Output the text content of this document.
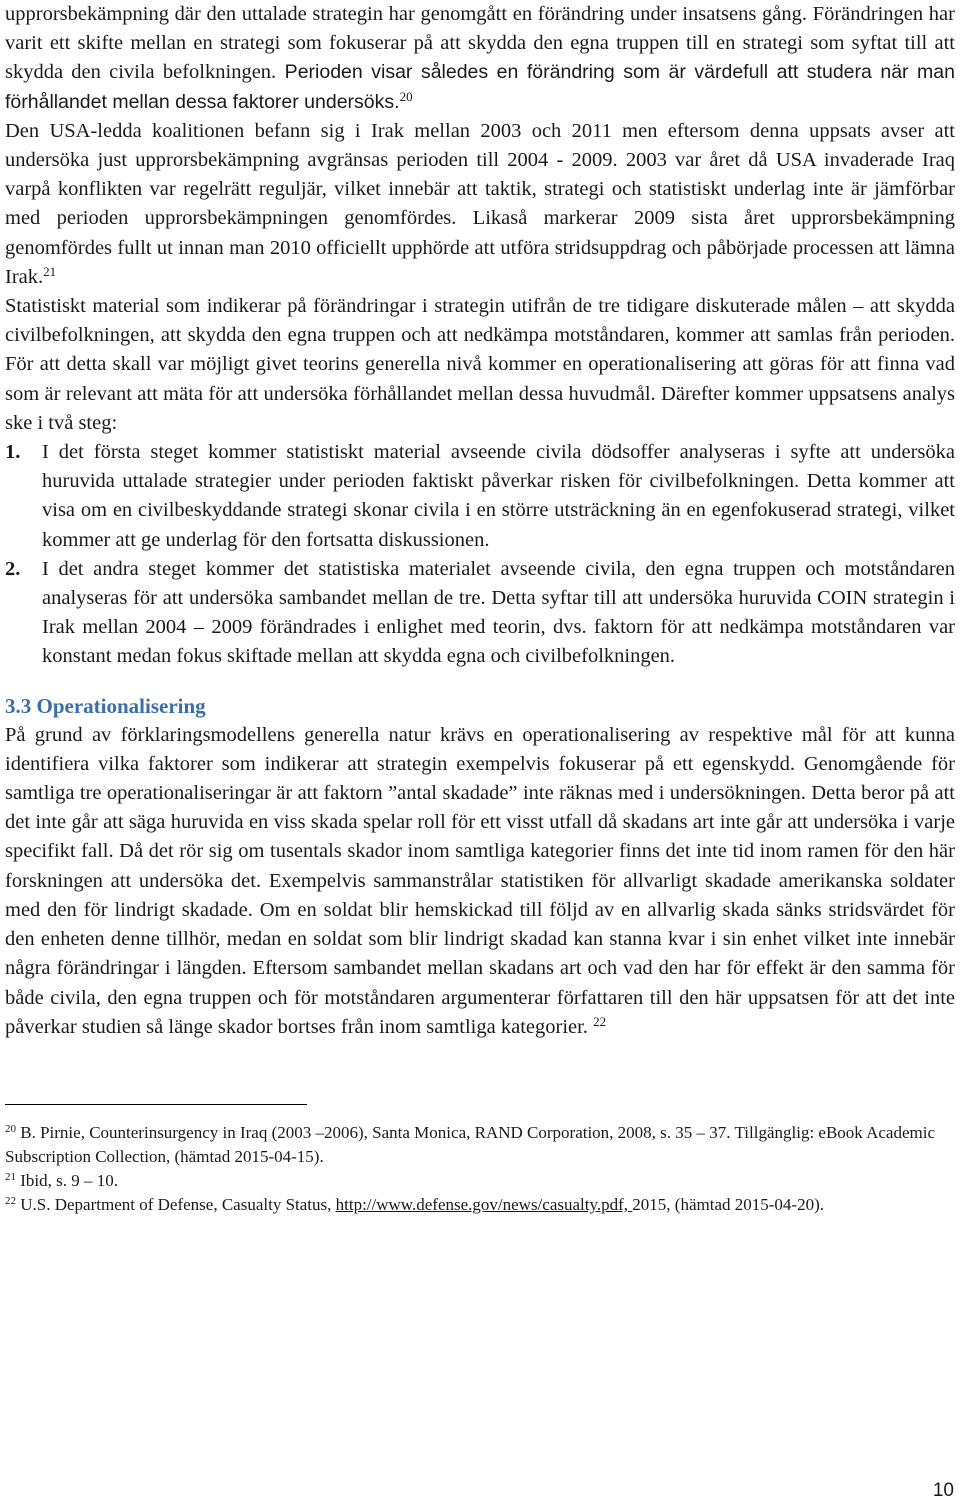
upprorsbekämpning där den uttalade strategin har genomgått en förändring under insatsens gång. Förändringen har varit ett skifte mellan en strategi som fokuserar på att skydda den egna truppen till en strategi som syftat till att skydda den civila befolkningen. Perioden visar således en förändring som är värdefull att studera när man förhållandet mellan dessa faktorer undersöks.$^{20}$

Den USA-ledda koalitionen befann sig i Irak mellan 2003 och 2011 men eftersom denna uppsats avser att undersöka just upprorsbekämpning avgränsas perioden till 2004 - 2009. 2003 var året då USA invaderade Iraq varpå konflikten var regelrätt reguljär, vilket innebär att taktik, strategi och statistiskt underlag inte är jämförbar med perioden upprorsbekämpningen genomfördes. Likaså markerar 2009 sista året upprorsbekämpning genomfördes fullt ut innan man 2010 officiellt upphörde att utföra stridsuppdrag och påbörjade processen att lämna Irak.$^{21}$

Statistiskt material som indikerar på förändringar i strategin utifrån de tre tidigare diskuterade målen – att skydda civilbefolkningen, att skydda den egna truppen och att nedkämpa motståndaren, kommer att samlas från perioden. För att detta skall var möjligt givet teorins generella nivå kommer en operationalisering att göras för att finna vad som är relevant att mäta för att undersöka förhållandet mellan dessa huvudmål. Därefter kommer uppsatsens analys ske i två steg:

1.	I det första steget kommer statistiskt material avseende civila dödsoffer analyseras i syfte att undersöka huruvida uttalade strategier under perioden faktiskt påverkar risken för civilbefolkningen. Detta kommer att visa om en civilbeskyddande strategi skonar civila i en större utsträckning än en egenfokuserad strategi, vilket kommer att ge underlag för den fortsatta diskussionen.
2.	I det andra steget kommer det statistiska materialet avseende civila, den egna truppen och motståndaren analyseras för att undersöka sambandet mellan de tre. Detta syftar till att undersöka huruvida COIN strategin i Irak mellan 2004 – 2009 förändrades i enlighet med teorin, dvs. faktorn för att nedkämpa motståndaren var konstant medan fokus skiftade mellan att skydda egna och civilbefolkningen.
3.3 Operationalisering

På grund av förklaringsmodellens generella natur krävs en operationalisering av respektive mål för att kunna identifiera vilka faktorer som indikerar att strategin exempelvis fokuserar på ett egenskydd. Genomgående för samtliga tre operationaliseringar är att faktorn ”antal skadade” inte räknas med i undersökningen. Detta beror på att det inte går att säga huruvida en viss skada spelar roll för ett visst utfall då skadans art inte går att undersöka i varje specifikt fall. Då det rör sig om tusentals skador inom samtliga kategorier finns det inte tid inom ramen för den här forskningen att undersöka det. Exempelvis sammanstrålar statistiken för allvarligt skadade amerikanska soldater med den för lindrigt skadade. Om en soldat blir hemskickad till följd av en allvarlig skada sänks stridsvärdet för den enheten denne tillhör, medan en soldat som blir lindrigt skadad kan stanna kvar i sin enhet vilket inte innebär några förändringar i längden. Eftersom sambandet mellan skadans art och vad den har för effekt är den samma för både civila, den egna truppen och för motståndaren argumenterar författaren till den här uppsatsen för att det inte påverkar studien så länge skador bortses från inom samtliga kategorier. $^{22}$

$^{20}$ B. Pirnie, Counterinsurgency in Iraq (2003 –2006), Santa Monica, RAND Corporation, 2008, s. 35 – 37. Tillgänglig: eBook Academic Subscription Collection, (hämtad 2015-04-15).
$^{21}$ Ibid, s. 9 – 10.
$^{22}$ U.S. Department of Defense, Casualty Status, http://www.defense.gov/news/casualty.pdf, 2015, (hämtad 2015-04-20).
10
